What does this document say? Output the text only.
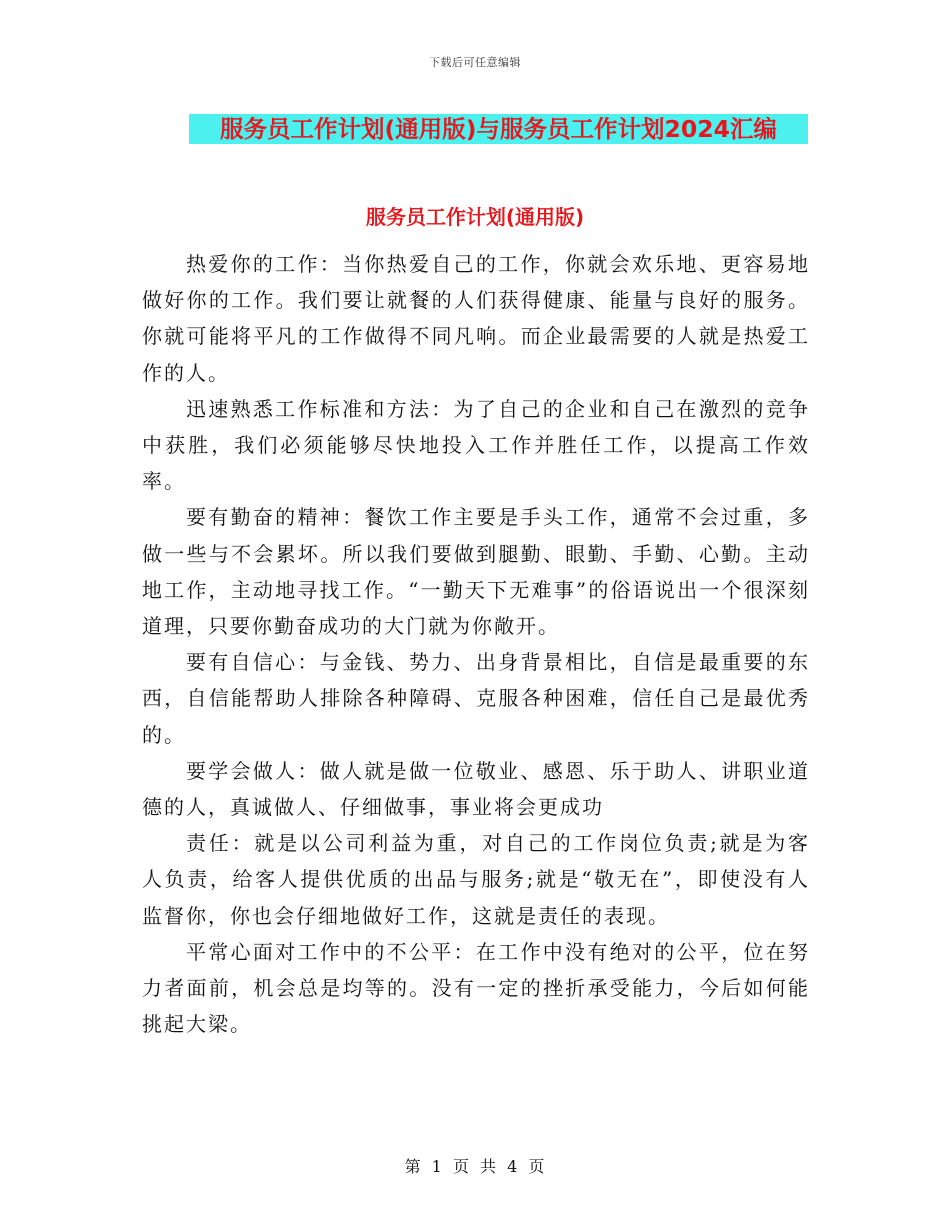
下载后可任意编辑
服务员工作计划(通用版)与服务员工作计划2024汇编
服务员工作计划(通用版)

热爱你的工作：当你热爱自己的工作，你就会欢乐地、更容易地做好你的工作。我们要让就餐的人们获得健康、能量与良好的服务。你就可能将平凡的工作做得不同凡响。而企业最需要的人就是热爱工作的人。

迅速熟悉工作标准和方法：为了自己的企业和自己在激烈的竞争中获胜，我们必须能够尽快地投入工作并胜任工作，以提高工作效率。

要有勤奋的精神：餐饮工作主要是手头工作，通常不会过重，多做一些与不会累坏。所以我们要做到腿勤、眼勤、手勤、心勤。主动地工作，主动地寻找工作。“一勤天下无难事”的俗语说出一个很深刻道理，只要你勤奋成功的大门就为你敞开。

要有自信心：与金钱、势力、出身背景相比，自信是最重要的东西，自信能帮助人排除各种障碍、克服各种困难，信任自己是最优秀的。

要学会做人：做人就是做一位敬业、感恩、乐于助人、讲职业道德的人，真诚做人、仔细做事，事业将会更成功

责任：就是以公司利益为重，对自己的工作岗位负责;就是为客人负责，给客人提供优质的出品与服务;就是“敬无在”，即使没有人监督你，你也会仔细地做好工作，这就是责任的表现。

平常心面对工作中的不公平：在工作中没有绝对的公平，位在努力者面前，机会总是均等的。没有一定的挫折承受能力，今后如何能挑起大梁。

第 1 页 共 4 页
